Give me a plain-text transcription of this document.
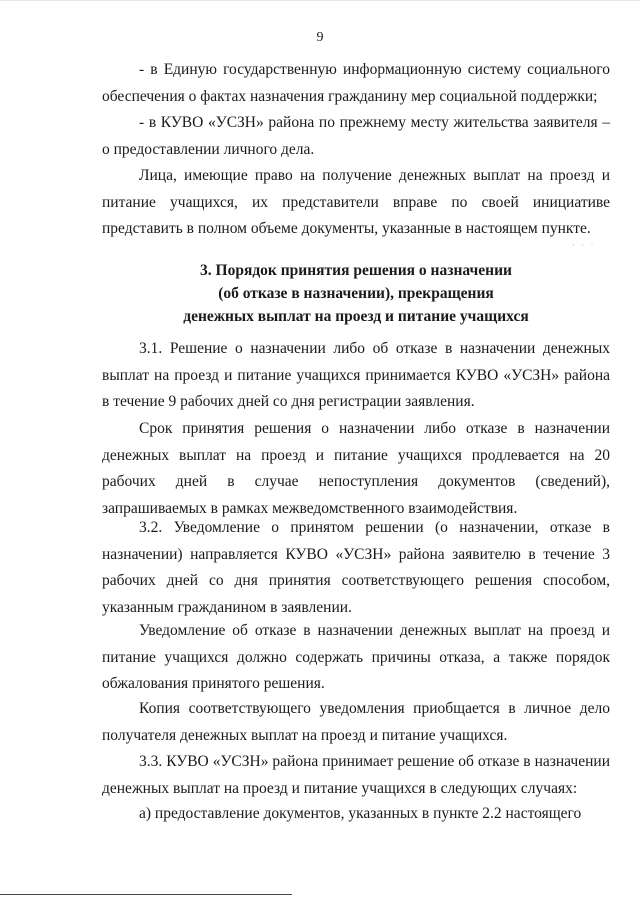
9

- в Единую государственную информационную систему социального обеспечения о фактах назначения гражданину мер социальной поддержки;

- в КУВО «УСЗН» района по прежнему месту жительства заявителя – о предоставлении личного дела.

Лица, имеющие право на получение денежных выплат на проезд и питание учащихся, их представители вправе по своей инициативе представить в полном объеме документы, указанные в настоящем пункте.

· · ·
3. Порядок принятия решения о назначении
(об отказе в назначении), прекращения
денежных выплат на проезд и питание учащихся

3.1. Решение о назначении либо об отказе в назначении денежных выплат на проезд и питание учащихся принимается КУВО «УСЗН» района в течение 9 рабочих дней со дня регистрации заявления.

Срок принятия решения о назначении либо отказе в назначении денежных выплат на проезд и питание учащихся продлевается на 20 рабочих дней в случае непоступления документов (сведений), запрашиваемых в рамках межведомственного взаимодействия.

3.2. Уведомление о принятом решении (о назначении, отказе в назначении) направляется КУВО «УСЗН» района заявителю в течение 3 рабочих дней со дня принятия соответствующего решения способом, указанным гражданином в заявлении.

Уведомление об отказе в назначении денежных выплат на проезд и питание учащихся должно содержать причины отказа, а также порядок обжалования принятого решения.

Копия соответствующего уведомления приобщается в личное дело получателя денежных выплат на проезд и питание учащихся.

3.3. КУВО «УСЗН» района принимает решение об отказе в назначении денежных выплат на проезд и питание учащихся в следующих случаях:

а) предоставление документов, указанных в пункте 2.2 настоящего
